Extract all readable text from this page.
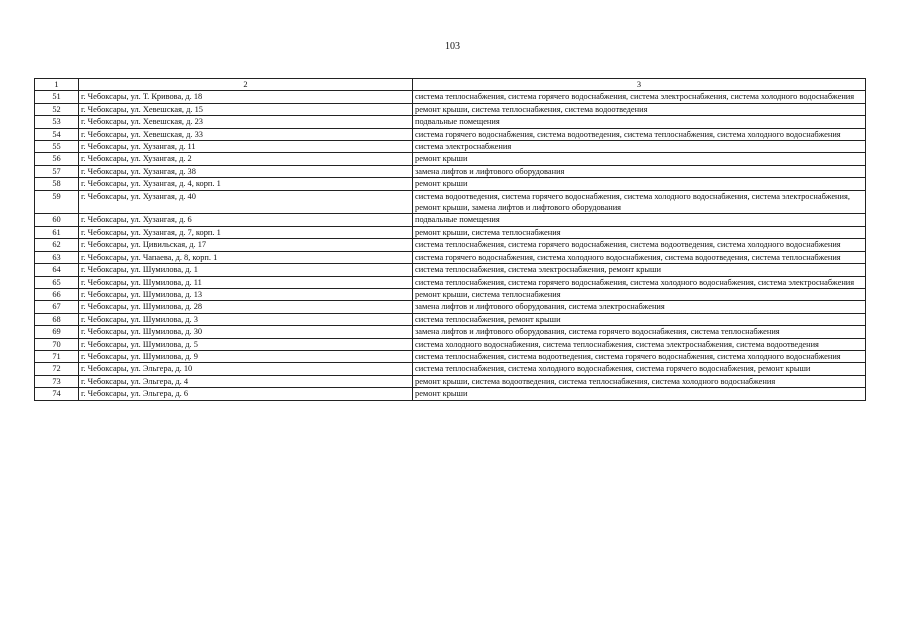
103
1	2	3
51	г. Чебоксары, ул. Т. Кривова, д. 18	система теплоснабжения, система горячего водоснабжения, система электроснабжения, система холодного водоснабжения
52	г. Чебоксары, ул. Хевешская, д. 15	ремонт крыши, система теплоснабжения, система водоотведения
53	г. Чебоксары, ул. Хевешская, д. 23	подвальные помещения
54	г. Чебоксары, ул. Хевешская, д. 33	система горячего водоснабжения, система водоотведения, система теплоснабжения, система холодного водоснабжения
55	г. Чебоксары, ул. Хузангая, д. 11	система электроснабжения
56	г. Чебоксары, ул. Хузангая, д. 2	ремонт крыши
57	г. Чебоксары, ул. Хузангая, д. 38	замена лифтов и лифтового оборудования
58	г. Чебоксары, ул. Хузангая, д. 4, корп. 1	ремонт крыши
59	г. Чебоксары, ул. Хузангая, д. 40	система водоотведения, система горячего водоснабжения, система холодного водоснабжения, система электроснабжения, ремонт крыши, замена лифтов и лифтового оборудования
60	г. Чебоксары, ул. Хузангая, д. 6	подвальные помещения
61	г. Чебоксары, ул. Хузангая, д. 7, корп. 1	ремонт крыши, система теплоснабжения
62	г. Чебоксары, ул. Цивильская, д. 17	система теплоснабжения, система горячего водоснабжения, система водоотведения, система холодного водоснабжения
63	г. Чебоксары, ул. Чапаева, д. 8, корп. 1	система горячего водоснабжения, система холодного водоснабжения, система водоотведения, система теплоснабжения
64	г. Чебоксары, ул. Шумилова, д. 1	система теплоснабжения, система электроснабжения, ремонт крыши
65	г. Чебоксары, ул. Шумилова, д. 11	система теплоснабжения, система горячего водоснабжения, система холодного водоснабжения, система электроснабжения
66	г. Чебоксары, ул. Шумилова, д. 13	ремонт крыши, система теплоснабжения
67	г. Чебоксары, ул. Шумилова, д. 28	замена лифтов и лифтового оборудования, система электроснабжения
68	г. Чебоксары, ул. Шумилова, д. 3	система теплоснабжения, ремонт крыши
69	г. Чебоксары, ул. Шумилова, д. 30	замена лифтов и лифтового оборудования, система горячего водоснабжения, система теплоснабжения
70	г. Чебоксары, ул. Шумилова, д. 5	система холодного водоснабжения, система теплоснабжения, система электроснабжения, система водоотведения
71	г. Чебоксары, ул. Шумилова, д. 9	система теплоснабжения, система водоотведения, система горячего водоснабжения, система холодного водоснабжения
72	г. Чебоксары, ул. Эльгера, д. 10	система теплоснабжения, система холодного водоснабжения, система горячего водоснабжения, ремонт крыши
73	г. Чебоксары, ул. Эльгера, д. 4	ремонт крыши, система водоотведения, система теплоснабжения, система холодного водоснабжения
74	г. Чебоксары, ул. Эльгера, д. 6	ремонт крыши
